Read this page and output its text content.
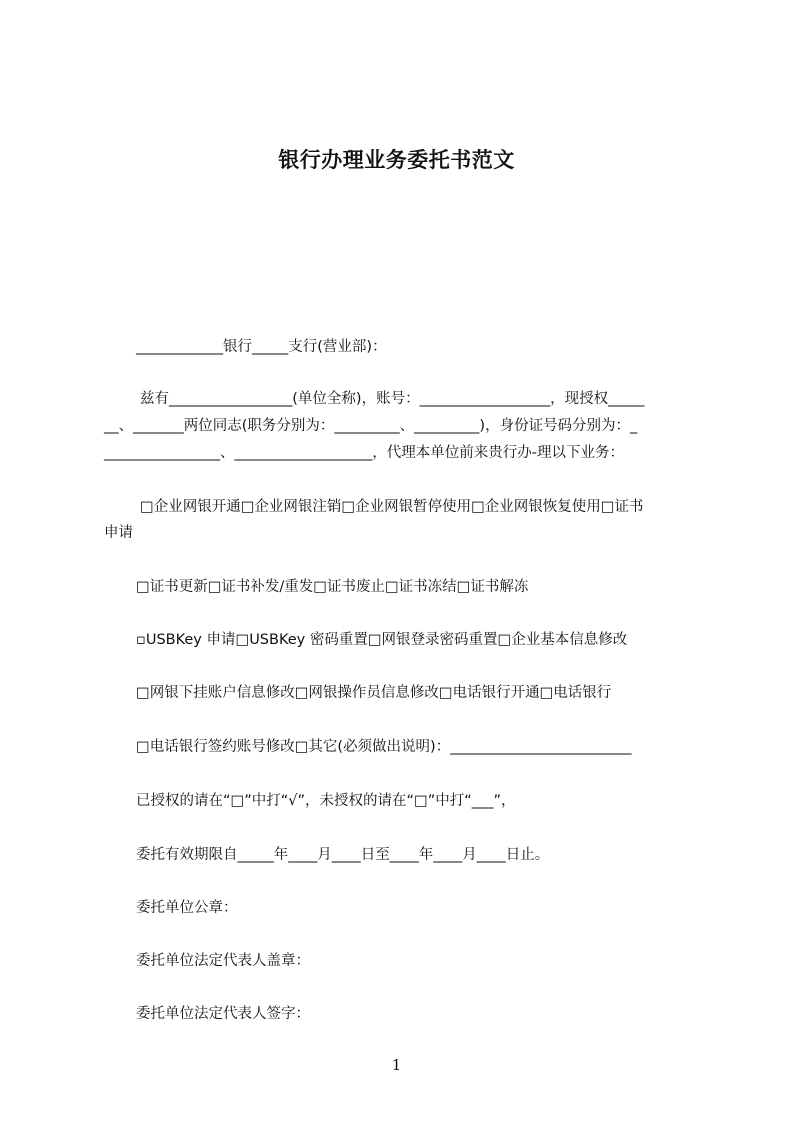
银行办理业务委托书范文

____________银行_____支行(营业部)：

兹有_________________(单位全称)，账号：__________________，现授权_____

__、_______两位同志(职务分别为：_________、_________)，身份证号码分别为：_

________________、___________________，代理本单位前来贵行办-理以下业务：

□企业网银开通□企业网银注销□企业网银暂停使用□企业网银恢复使用□证书

申请

□证书更新□证书补发/重发□证书废止□证书冻结□证书解冻

▫USBKey 申请□USBKey 密码重置□网银登录密码重置□企业基本信息修改

□网银下挂账户信息修改□网银操作员信息修改□电话银行开通□电话银行

□电话银行签约账号修改□其它(必须做出说明)：_________________________

已授权的请在“□”中打“√”，未授权的请在“□”中打“___”，

委托有效期限自_____年____月____日至____年____月____日止。

委托单位公章：

委托单位法定代表人盖章：

委托单位法定代表人签字：

1
